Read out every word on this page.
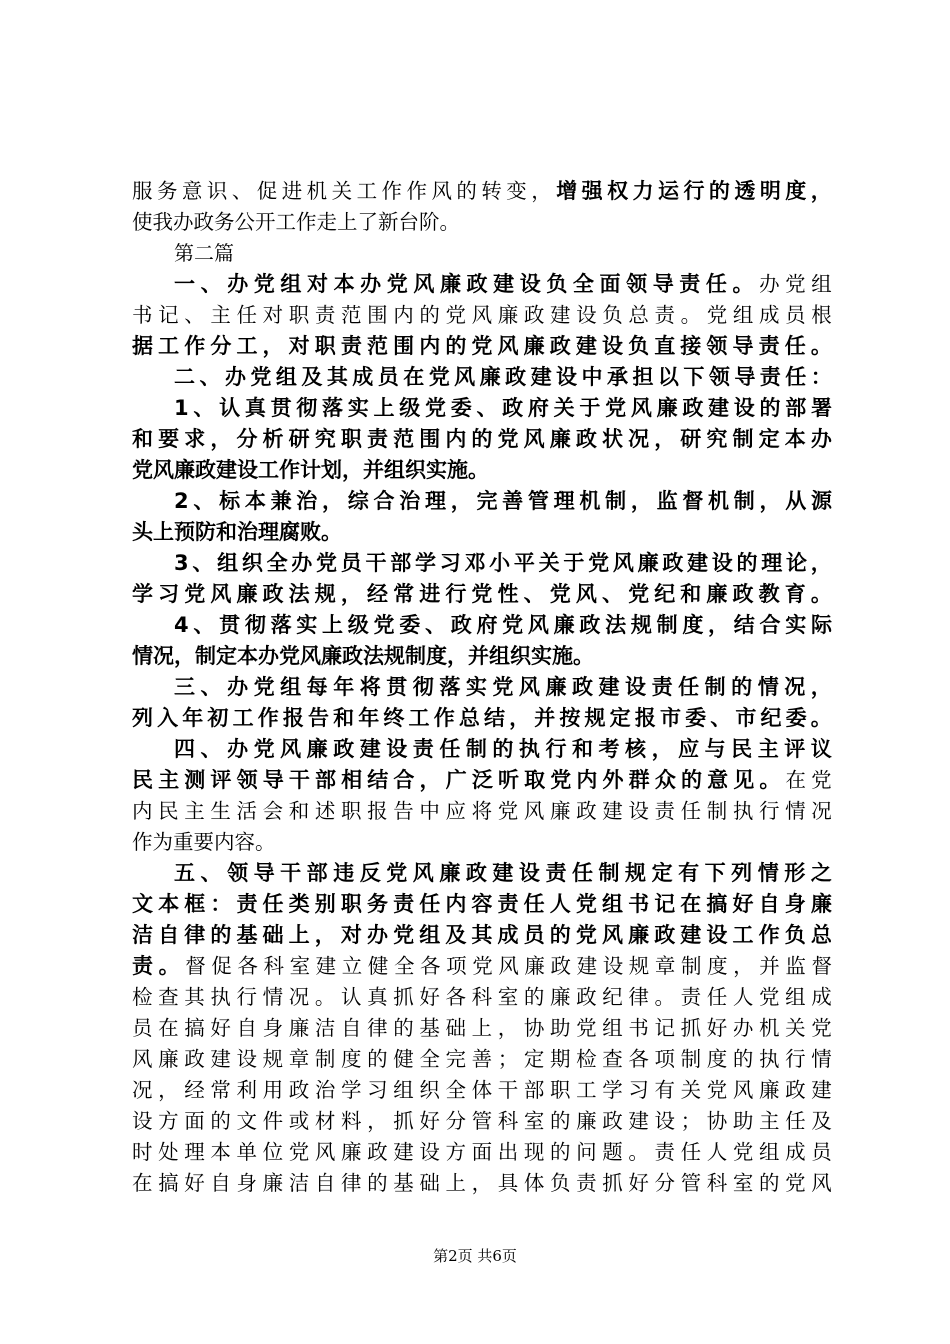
服 务 意 识 、 促 进 机 关 工 作 作 风 的 转 变 ， 增 强 权 力 运 行 的 透 明 度 ，
使 我 办 政 务 公 开 工 作 走 上 了 新 台 阶 。
第二篇
一 、 办 党 组 对 本 办 党 风 廉 政 建 设 负 全 面 领 导 责 任 。 办 党 组
书 记 、 主 任 对 职 责 范 围 内 的 党 风 廉 政 建 设 负 总 责 。 党 组 成 员 根
据 工 作 分 工 ， 对 职 责 范 围 内 的 党 风 廉 政 建 设 负 直 接 领 导 责 任 。
二 、 办 党 组 及 其 成 员 在 党 风 廉 政 建 设 中 承 担 以 下 领 导 责 任 ：
1 、 认 真 贯 彻 落 实 上 级 党 委 、 政 府 关 于 党 风 廉 政 建 设 的 部 署
和 要 求 ， 分 析 研 究 职 责 范 围 内 的 党 风 廉 政 状 况 ， 研 究 制 定 本 办
党 风 廉 政 建 设 工 作 计 划 ， 并 组 织 实 施 。
2 、 标 本 兼 治 ， 综 合 治 理 ， 完 善 管 理 机 制 ， 监 督 机 制 ， 从 源
头 上 预 防 和 治 理 腐 败 。
3 、 组 织 全 办 党 员 干 部 学 习 邓 小 平 关 于 党 风 廉 政 建 设 的 理 论 ，
学 习 党 风 廉 政 法 规 ， 经 常 进 行 党 性 、 党 风 、 党 纪 和 廉 政 教 育 。
4 、 贯 彻 落 实 上 级 党 委 、 政 府 党 风 廉 政 法 规 制 度 ， 结 合 实 际
情 况 ， 制 定 本 办 党 风 廉 政 法 规 制 度 ， 并 组 织 实 施 。
三 、 办 党 组 每 年 将 贯 彻 落 实 党 风 廉 政 建 设 责 任 制 的 情 况 ，
列 入 年 初 工 作 报 告 和 年 终 工 作 总 结 ， 并 按 规 定 报 市 委 、 市 纪 委 。
四 、 办 党 风 廉 政 建 设 责 任 制 的 执 行 和 考 核 ， 应 与 民 主 评 议
民 主 测 评 领 导 干 部 相 结 合 ， 广 泛 听 取 党 内 外 群 众 的 意 见 。 在 党
内 民 主 生 活 会 和 述 职 报 告 中 应 将 党 风 廉 政 建 设 责 任 制 执 行 情 况
作 为 重 要 内 容 。
五 、 领 导 干 部 违 反 党 风 廉 政 建 设 责 任 制 规 定 有 下 列 情 形 之
文 本 框 ： 责 任 类 别 职 务 责 任 内 容 责 任 人 党 组 书 记 在 搞 好 自 身 廉
洁 自 律 的 基 础 上 ， 对 办 党 组 及 其 成 员 的 党 风 廉 政 建 设 工 作 负 总
责 。 督 促 各 科 室 建 立 健 全 各 项 党 风 廉 政 建 设 规 章 制 度 ， 并 监 督
检 查 其 执 行 情 况 。 认 真 抓 好 各 科 室 的 廉 政 纪 律 。 责 任 人 党 组 成
员 在 搞 好 自 身 廉 洁 自 律 的 基 础 上 ， 协 助 党 组 书 记 抓 好 办 机 关 党
风 廉 政 建 设 规 章 制 度 的 健 全 完 善 ； 定 期 检 查 各 项 制 度 的 执 行 情
况 ， 经 常 利 用 政 治 学 习 组 织 全 体 干 部 职 工 学 习 有 关 党 风 廉 政 建
设 方 面 的 文 件 或 材 料 ， 抓 好 分 管 科 室 的 廉 政 建 设 ； 协 助 主 任 及
时 处 理 本 单 位 党 风 廉 政 建 设 方 面 出 现 的 问 题 。 责 任 人 党 组 成 员
在 搞 好 自 身 廉 洁 自 律 的 基 础 上 ， 具 体 负 责 抓 好 分 管 科 室 的 党 风
第2页 共6页
